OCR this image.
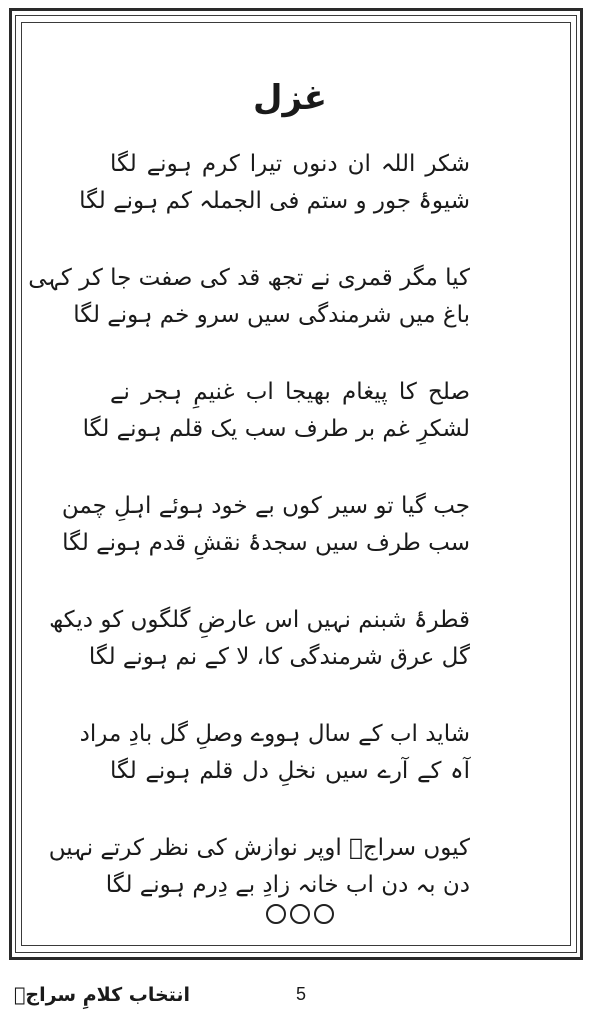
غزل
شکر اللہ ان دنوں تیرا کرم ہونے لگا
شیوۂ جور و ستم فی الجملہ کم ہونے لگا
کیا مگر قمری نے تجھ قد کی صفت جا کر کہی
باغ میں شرمندگی سیں سرو خم ہونے لگا
صلح کا پیغام بھیجا اب غنیمِ ہجر نے
لشکرِ غم بر طرف سب یک قلم ہونے لگا
جب گیا تو سیر کوں بے خود ہوئے اہلِ چمن
سب طرف سیں سجدۂ نقشِ قدم ہونے لگا
قطرۂ شبنم نہیں اس عارضِ گلگوں کو دیکھ
گل عرق شرمندگی کا، لا کے نم ہونے لگا
شاید اب کے سال ہووے وصلِ گل بادِ مراد
آہ کے آرے سیں نخلِ دل قلم ہونے لگا
کیوں سراجؔ اوپر نوازش کی نظر کرتے نہیں
دن بہ دن اب خانہ زادِ بے دِرم ہونے لگا
انتخاب کلامِ سراجؔ	5
